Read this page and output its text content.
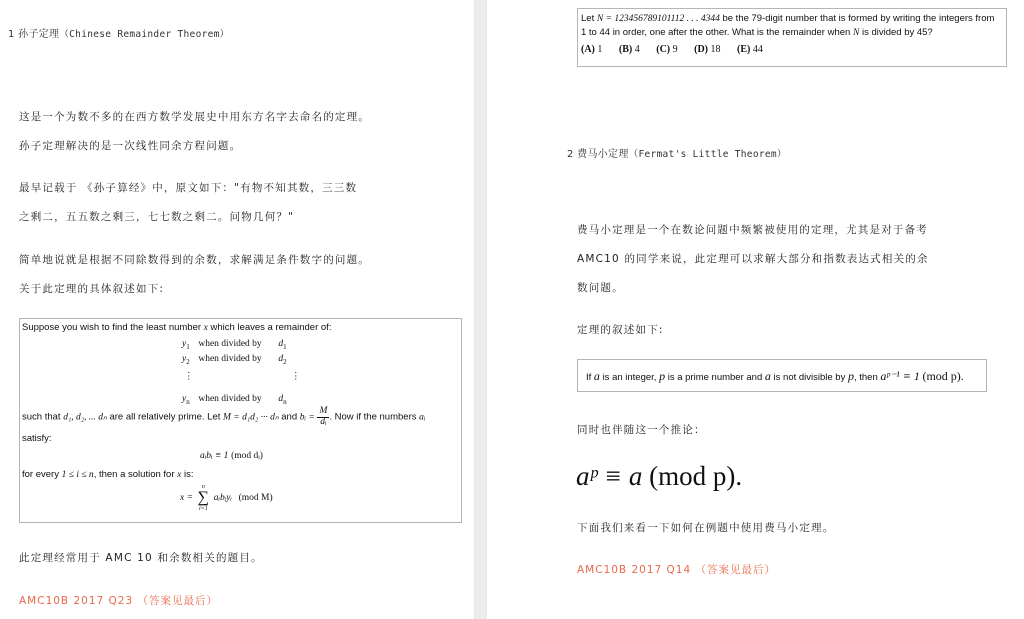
1 孙子定理（Chinese Remainder Theorem）
这是一个为数不多的在西方数学发展史中用东方名字去命名的定理。
孙子定理解决的是一次线性同余方程问题。
最早记载于 《孙子算经》中，原文如下："有物不知其数，三三数
之剩二，五五数之剩三，七七数之剩二。问物几何？"
简单地说就是根据不同除数得到的余数，求解满足条件数字的问题。
关于此定理的具体叙述如下:
Suppose you wish to find the least number x which leaves a remainder of:
$y_1$ when divided by $d_1$
$y_2$ when divided by $d_2$
⋮	⋮
$y_n$ when divided by $d_n$
such that d₁, d₂, ... dₙ are all relatively prime. Let M = d₁d₂ ··· dₙ and bᵢ = $\frac{M}{\text{dᵢ}}$ . Now if the numbers aᵢ
satisfy:
aᵢbᵢ ≡ 1 (mod dᵢ)
for every 1 ≤ i ≤ n, then a solution for x is:
x =
n
∑
i=1
aᵢbᵢyᵢ (mod M)
此定理经常用于 AMC 10 和余数相关的题目。
AMC10B 2017 Q23 （答案见最后）
Let N = 123456789101112 . . . 4344 be the 79-digit number that is formed by writing the integers from
1 to 44 in order, one after the other. What is the remainder when N is divided by 45?
(A) 1 (B) 4 (C) 9 (D) 18 (E) 44
2 费马小定理（Fermat's Little Theorem）
费马小定理是一个在数论问题中频繁被使用的定理，尤其是对于备考
AMC10 的同学来说，此定理可以求解大部分和指数表达式相关的余
数问题。
定理的叙述如下:
If a is an integer, p is a prime number and a is not divisible by p, then aᵖ⁻¹ ≡ 1 (mod p).
同时也伴随这一个推论：
aᵖ ≡ a (mod p).
下面我们来看一下如何在例题中使用费马小定理。
AMC10B 2017 Q14 （答案见最后）
